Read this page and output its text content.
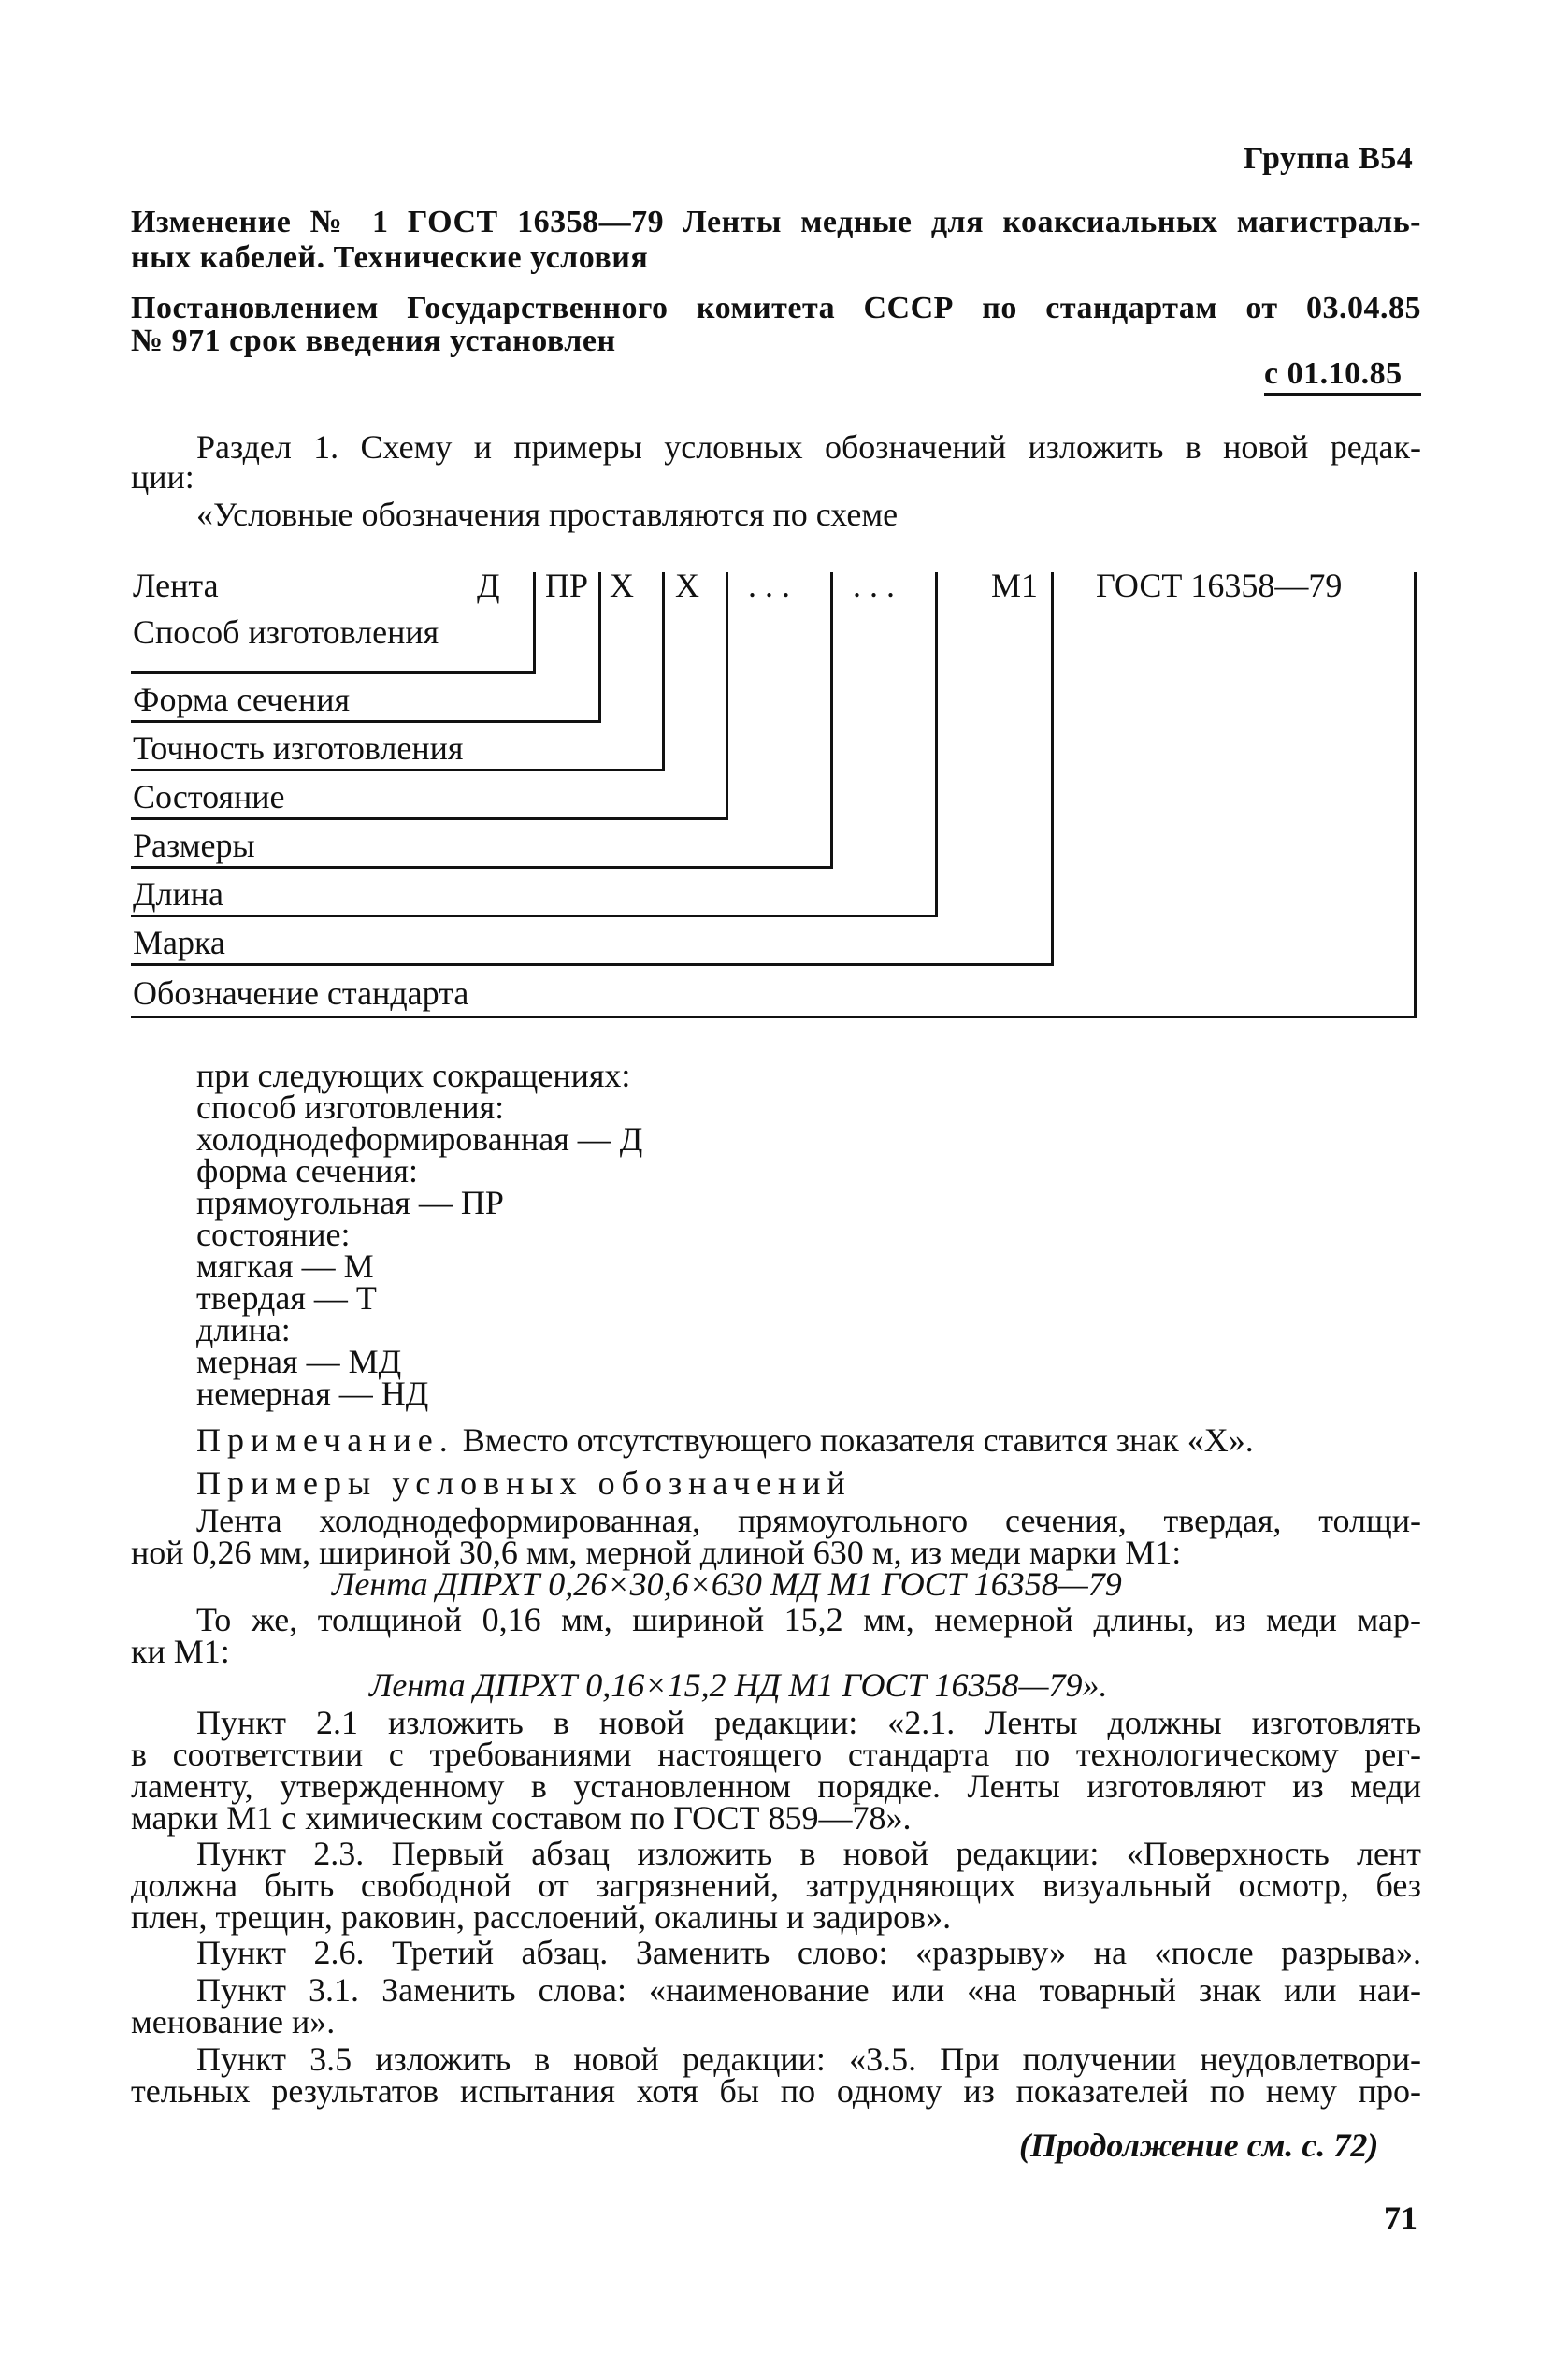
Группа В54
Изменение № 1 ГОСТ 16358—79 Ленты медные для коаксиальных магистраль-
ных кабелей. Технические условия
Постановлением Государственного комитета СССР по стандартам от 03.04.85
№ 971 срок введения установлен
с 01.10.85
Раздел 1. Схему и примеры условных обозначений изложить в новой редак-
ции:
«Условные обозначения проставляются по схеме
Лента	Д ПР Х Х . . . . . .	М1 ГОСТ 16358—79
Способ изготовления
Форма сечения
Точность изготовления
Состояние
Размеры
Длина
Марка
Обозначение стандарта
при следующих сокращениях:
способ изготовления:
холоднодеформированная — Д
форма сечения:
прямоугольная — ПР
состояние:
мягкая — М
твердая — Т
длина:
мерная — МД
немерная — НД
Примечание. Вместо отсутствующего показателя ставится знак «Х».
Примеры условных обозначений
Лента холоднодеформированная, прямоугольного сечения, твердая, толщи-
ной 0,26 мм, шириной 30,6 мм, мерной длиной 630 м, из меди марки М1:
Лента ДПРХТ 0,26×30,6×630 МД М1 ГОСТ 16358—79
То же, толщиной 0,16 мм, шириной 15,2 мм, немерной длины, из меди мар-
ки М1:
Лента ДПРХТ 0,16×15,2 НД М1 ГОСТ 16358—79».
Пункт 2.1 изложить в новой редакции: «2.1. Ленты должны изготовлять
в соответствии с требованиями настоящего стандарта по технологическому рег-
ламенту, утвержденному в установленном порядке. Ленты изготовляют из меди
марки М1 с химическим составом по ГОСТ 859—78».
Пункт 2.3. Первый абзац изложить в новой редакции: «Поверхность лент
должна быть свободной от загрязнений, затрудняющих визуальный осмотр, без
плен, трещин, раковин, расслоений, окалины и задиров».
Пункт 2.6. Третий абзац. Заменить слово: «разрыву» на «после разрыва».
Пункт 3.1. Заменить слова: «наименование или «на товарный знак или наи-
менование и».
Пункт 3.5 изложить в новой редакции: «3.5. При получении неудовлетвори-
тельных результатов испытания хотя бы по одному из показателей по нему про-
(Продолжение см. с. 72)
71
